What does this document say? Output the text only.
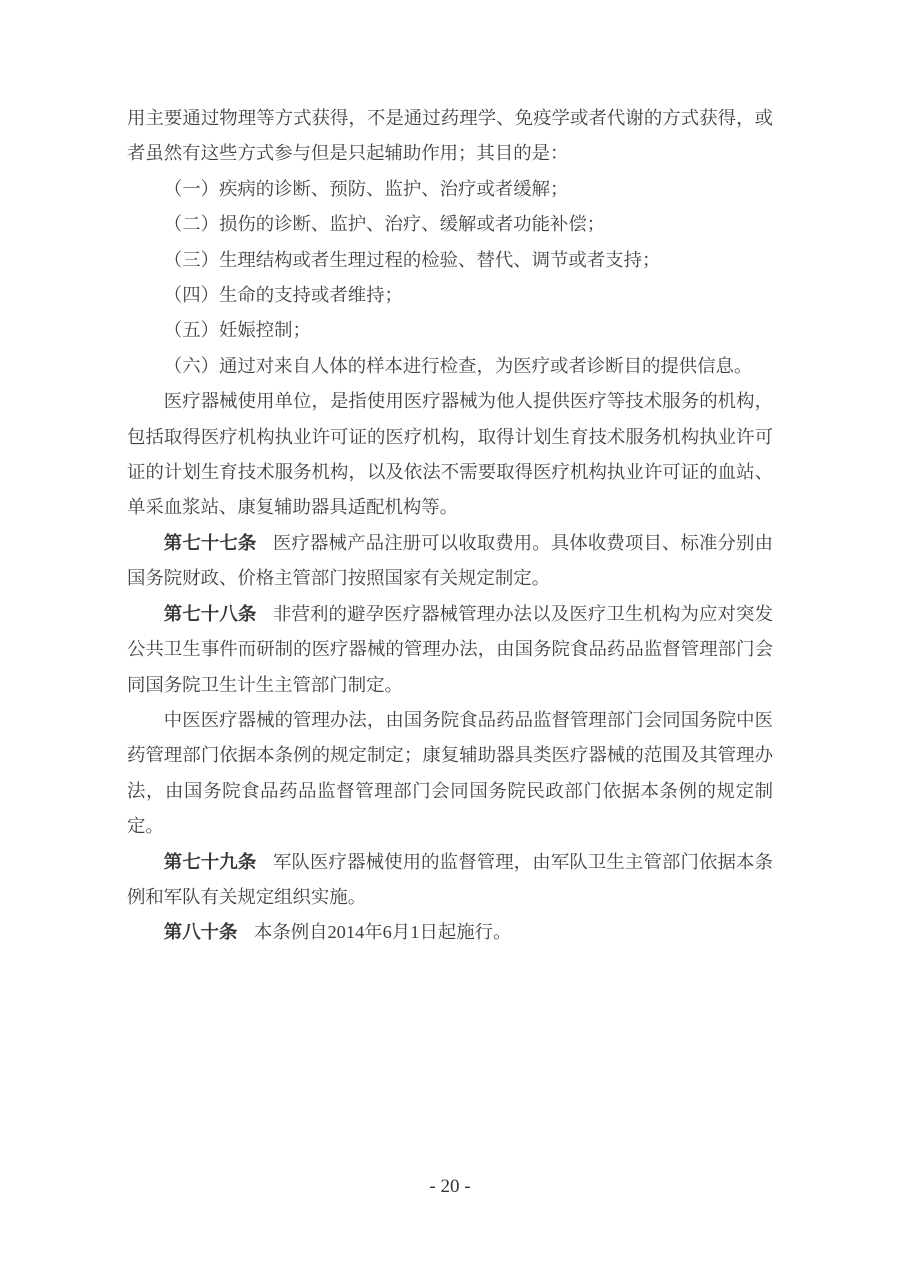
用主要通过物理等方式获得，不是通过药理学、免疫学或者代谢的方式获得，或者虽然有这些方式参与但是只起辅助作用；其目的是：

（一）疾病的诊断、预防、监护、治疗或者缓解；

（二）损伤的诊断、监护、治疗、缓解或者功能补偿；

（三）生理结构或者生理过程的检验、替代、调节或者支持；

（四）生命的支持或者维持；

（五）妊娠控制；

（六）通过对来自人体的样本进行检查，为医疗或者诊断目的提供信息。

医疗器械使用单位，是指使用医疗器械为他人提供医疗等技术服务的机构，包括取得医疗机构执业许可证的医疗机构，取得计划生育技术服务机构执业许可证的计划生育技术服务机构，以及依法不需要取得医疗机构执业许可证的血站、单采血浆站、康复辅助器具适配机构等。

第七十七条 医疗器械产品注册可以收取费用。具体收费项目、标准分别由国务院财政、价格主管部门按照国家有关规定制定。

第七十八条 非营利的避孕医疗器械管理办法以及医疗卫生机构为应对突发公共卫生事件而研制的医疗器械的管理办法，由国务院食品药品监督管理部门会同国务院卫生计生主管部门制定。

中医医疗器械的管理办法，由国务院食品药品监督管理部门会同国务院中医药管理部门依据本条例的规定制定；康复辅助器具类医疗器械的范围及其管理办法，由国务院食品药品监督管理部门会同国务院民政部门依据本条例的规定制定。

第七十九条 军队医疗器械使用的监督管理，由军队卫生主管部门依据本条例和军队有关规定组织实施。

第八十条 本条例自2014年6月1日起施行。

- 20 -
